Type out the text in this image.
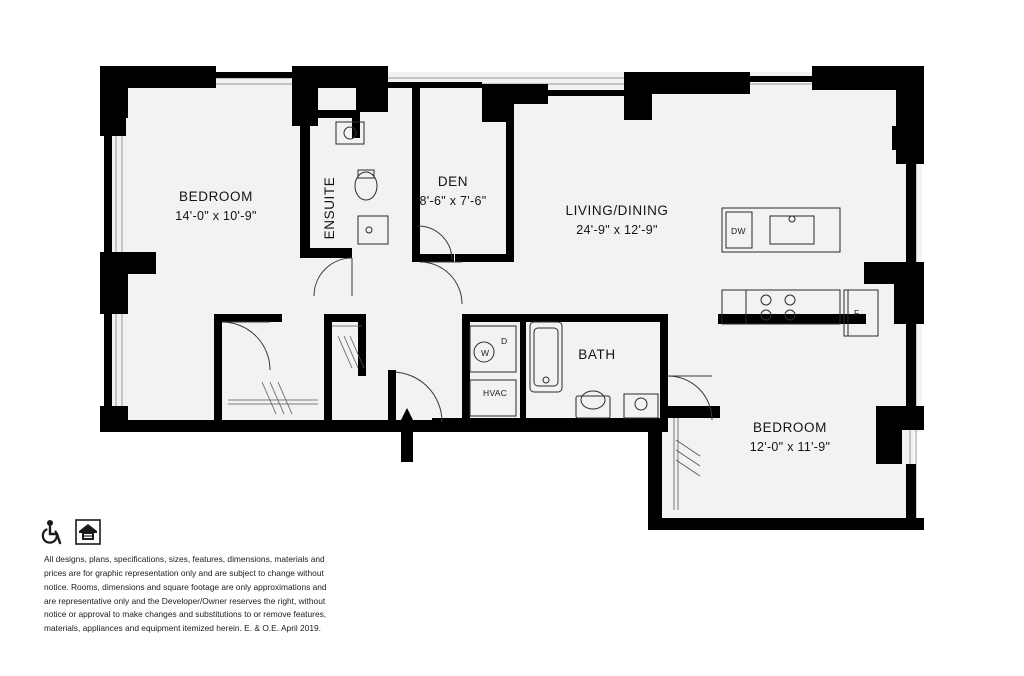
BEDROOM
14'-0" x 10'-9"	ENSUITE	DEN
8'-6" x 7'-6"
LIVING/DINING
24'-9" x 12'-9"
BATH
BEDROOM
12'-0" x 11'-9"
DW
D
W
F
HVAC
All designs, plans, specifications, sizes, features, dimensions, materials and prices are for graphic representation only and are subject to change without notice. Rooms, dimensions and square footage are only approximations and are representative only and the Developer/Owner reserves the right, without notice or approval to make changes and substitutions to or remove features, materials, appliances and equipment itemized herein. E. & O.E. April 2019.
